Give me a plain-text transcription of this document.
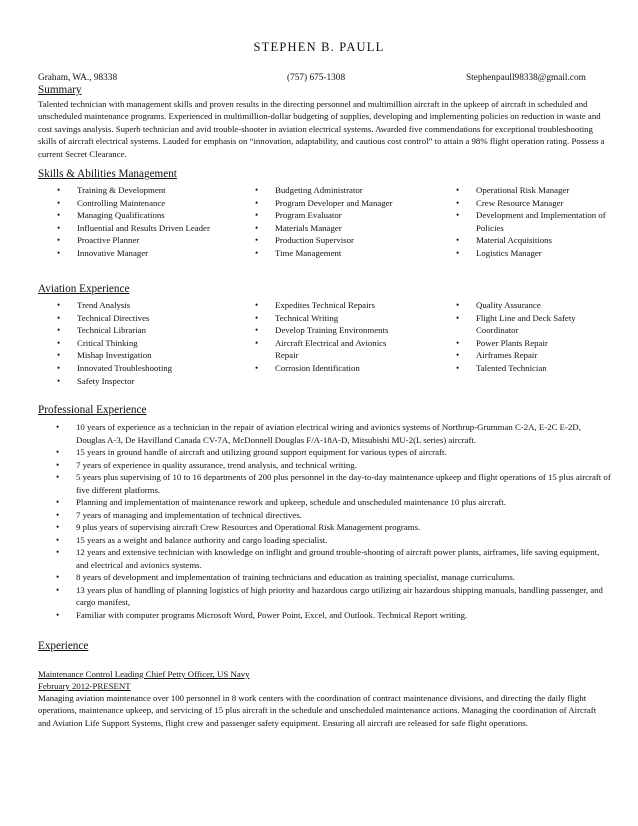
STEPHEN B. PAULL
Graham, WA., 98338	(757) 675-1308	Stephenpaull98338@gmail.com
Summary
Talented technician with management skills and proven results in the directing personnel and multimillion aircraft in the upkeep of aircraft in scheduled and unscheduled maintenance programs. Experienced in multimillion-dollar budgeting of supplies, developing and implementing policies on reduction in waste and cost savings analysis. Superb technician and avid trouble-shooter in aviation electrical systems. Awarded five commendations for exceptional troubleshooting skills of aircraft electrical systems. Lauded for emphasis on “innovation, adaptability, and cautious cost control” to attain a 98% flight operation rating. Possess a current Secret Clearance.
Skills & Abilities Management
• Training & Development
• Controlling Maintenance
• Managing Qualifications
• Influential and Results Driven Leader
• Proactive Planner
• Innovative Manager
• Budgeting Administrator
• Program Developer and Manager
• Program Evaluator
• Materials Manager
• Production Supervisor
• Time Management
• Operational Risk Manager
• Crew Resource Manager
• Development and Implementation of Policies
• Material Acquisitions
• Logistics Manager
Aviation Experience
• Trend Analysis
• Technical Directives
• Technical Librarian
• Critical Thinking
• Mishap Investigation
• Innovated Troubleshooting
• Safety Inspector
• Expedites Technical Repairs
• Technical Writing
• Develop Training Environments
• Aircraft Electrical and Avionics Repair
• Corrosion Identification
• Quality Assurance
• Flight Line and Deck Safety Coordinator
• Power Plants Repair
• Airframes Repair
• Talented Technician
Professional Experience
• 10 years of experience as a technician in the repair of aviation electrical wiring and avionics systems of Northrup-Grumman C-2A, E-2C E-2D, Douglas A-3, De Havilland Canada CV-7A, McDonnell Douglas F/A-18A-D, Mitsubishi MU-2(L series) aircraft.
• 15 years in ground handle of aircraft and utilizing ground support equipment for various types of aircraft.
• 7 years of experience in quality assurance, trend analysis, and technical writing.
• 5 years plus supervising of 10 to 16 departments of 200 plus personnel in the day-to-day maintenance upkeep and flight operations of 15 plus aircraft of five different platforms.
• Planning and implementation of maintenance rework and upkeep, schedule and unscheduled maintenance 10 plus aircraft.
• 7 years of managing and implementation of technical directives.
• 9 plus years of supervising aircraft Crew Resources and Operational Risk Management programs.
• 15 years as a weight and balance authority and cargo loading specialist.
• 12 years and extensive technician with knowledge on inflight and ground trouble-shooting of aircraft power plants, airframes, life saving equipment, and electrical and avionics systems.
• 8 years of development and implementation of training technicians and education as training specialist, manage curriculums.
• 13 years plus of handling of planning logistics of high priority and hazardous cargo utilizing air hazardous shipping manuals, handling passenger, and cargo manifest,
• Familiar with computer programs Microsoft Word, Power Point, Excel, and Outlook. Technical Report writing.
Experience
Maintenance Control Leading Chief Petty Officer, US Navy
February 2012-PRESENT
Managing aviation maintenance over 100 personnel in 8 work centers with the coordination of contract maintenance divisions, and directing the daily flight operations, maintenance upkeep, and servicing of 15 plus aircraft in the schedule and unscheduled maintenance actions. Managing the coordination of Aircraft and Aviation Life Support Systems, flight crew and passenger safety equipment. Ensuring all aircraft are released for safe flight operations.
